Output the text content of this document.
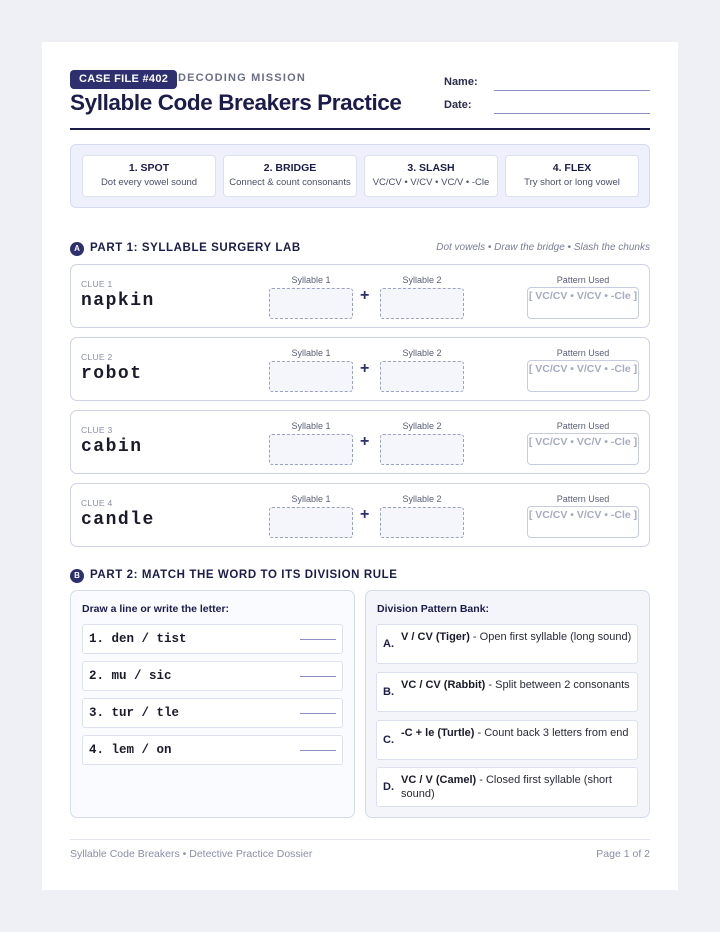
CASE FILE #402 DECODING MISSION
Syllable Code Breakers Practice
Name:
Date:
1. SPOT
Dot every vowel sound
2. BRIDGE
Connect & count consonants
3. SLASH
VC/CV • V/CV • VC/V • -Cle
4. FLEX
Try short or long vowel
A PART 1: SYLLABLE SURGERY LAB	Dot vowels • Draw the bridge • Slash the chunks
CLUE 1
napkin
Syllable 1
+
Syllable 2	Pattern Used
[ VC/CV • V/CV • -Cle ]
CLUE 2
robot
Syllable 1
+
Syllable 2	Pattern Used
[ VC/CV • V/CV • -Cle ]
CLUE 3
cabin
Syllable 1
+
Syllable 2	Pattern Used
[ VC/CV • VC/V • -Cle ]
CLUE 4
candle
Syllable 1
+
Syllable 2	Pattern Used
[ VC/CV • V/CV • -Cle ]
B PART 2: MATCH THE WORD TO ITS DIVISION RULE
Draw a line or write the letter:
1. den / tist
2. mu / sic
3. tur / tle
4. lem / on
Division Pattern Bank:
A.
V / CV (Tiger) - Open first syllable (long sound)
B.
VC / CV (Rabbit) - Split between 2 consonants
C.
-C + le (Turtle) - Count back 3 letters from end
D.
VC / V (Camel) - Closed first syllable (short sound)
Syllable Code Breakers • Detective Practice Dossier	Page 1 of 2
